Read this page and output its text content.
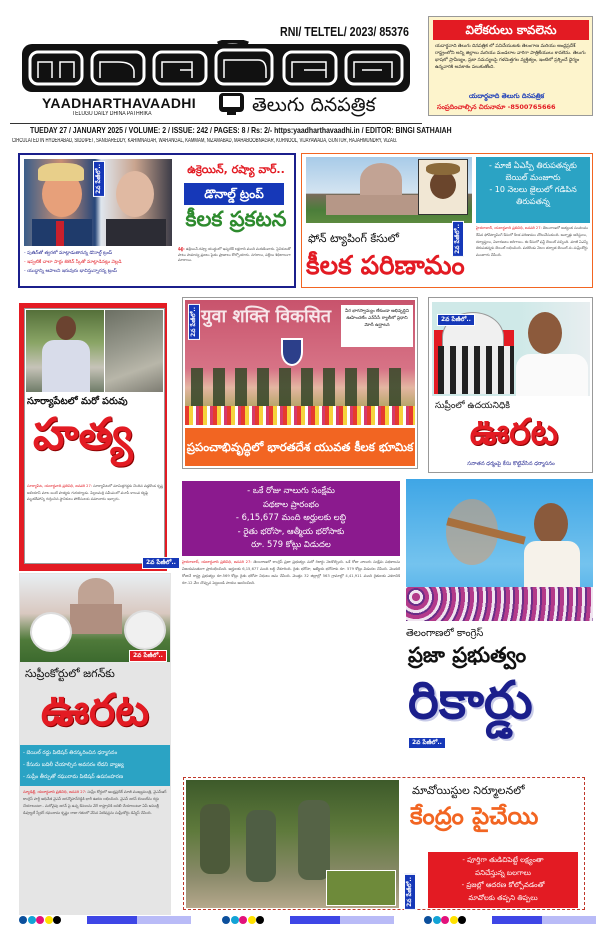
RNI/ TELTEL/ 2023/ 85376
YAADHARTHAVAADHI
TELUGU DAILY DHINA PATHRIKA	తెలుగు దినపత్రిక
TUEDAY 27 / JANUARY 2025 / VOLUME: 2 / ISSUE: 242 / PAGES: 8 / Rs: 2/- https:yaadharthavaadhi.in / EDITOR: BINGI SATHAIAH
CIRCULATED IN HYDERABAD, SIDDIPET, SANGAREDDY, KARIMNAGAR, WARANGAL, KAMMAM, NIZAMABAD, MAHABOOBNAGAR, KURNOOL, VIJAYAWADA, GUNTUR, RAJAHMUNDRY, VIZAG.
విలేకరులు కావలెను
యదార్థవాది తెలుగు దినపత్రిక లో పనిచేయుటకు తెలంగాణ మరియు ఆంధ్రప్రదేశ్ రాష్ట్రంలోని అన్ని జిల్లాలు మరియు మండలాల వారిగా పాత్రికేయులు కావలెను. తెలుగు భాషలో ప్రావీణ్యం, ప్రజా సమస్యలపై గళమెత్తగల వ్యక్తిత్వం, ఇంటిలో ప్రశ్నించే ధైర్యం ఉన్నవారికి అవకాశం పలుకుతోంది.
యదార్థవాది తెలుగు దినపత్రిక
సంప్రదించాల్సిన చిరునామా -8500765666
2వ పేజీలో..	ఉక్రెయిన్, రష్యా వార్..
డొనాల్డ్ ట్రంప్
కీలక ప్రకటన
- పుతిన్‌తో త్వరలో మాట్లాడుతానన్న డొనాల్డ్ ట్రంప్
- ఇప్పటికే చాలా సార్లు జెలెన్ స్కీతో మాట్లాడినట్లు వెల్లడి
- యుద్ధాన్ని ఆపాలని ఇరువురు భావిస్తున్నారన్న ట్రంప్
ఢిల్లీ: ఉక్రెయిన్-రష్యా యుద్ధంలో ఇప్పటికే లక్షలాది మంది మరణించారు. సైనికులతో పాటు సామాన్య ప్రజలు సైతం ప్రాణాలు కోల్పోయారు. నగరాలు, పల్లెలు శిథిలాలుగా మారాయి.
2వ పేజీలో..
ఫోన్ ట్యాపింగ్ కేసులో
కీలక పరిణామం
- మాజీ ఏఎస్పీ తిరుపతన్నకు బెయిల్ మంజూరు
- 10 నెలలు జైలులో గడిపిన తిరుపతన్న
హైదరాబాద్, యదార్థవాది ప్రతినిధి, జనవరి 27: తెలంగాణలో అత్యంత సంచలనం రేపిన ఫోన్‌ట్యాపింగ్ కేసులో కీలక పరిణామం చోటుచేసుకుంది. అన్నాళ్లు అరెస్టులు, దర్యాప్తులు, విచారణలు జరిగాయి. ఈ కేసులో ఫస్ట్ బెయిల్ వచ్చింది. మాజీ ఏఎస్పీ తిరుపతన్నకు బెయిల్ లభించింది. పదకొండు నెలల తర్వాత బెయిల్ ను సుప్రీంకోర్టు మంజూరు చేసింది.
సూర్యాపేటలో మరో పరువు
హత్య
సూర్యాపేట, యదార్థవాది ప్రతినిధి, జనవరి 27: సూర్యాపేటలో మామిళ్లగడ్డకు చెందిన వడ్లకొండ కృష్ణ అలియాస్ మాల బంటీ హత్యకు గురయ్యాడు. పిల్లలమర్రి సమీపంలో మూసీ కాలువ కట్టపై మృతదేహాన్ని గుర్తించిన స్థానికులు పోలీసులకు సమాచారం ఇచ్చారు.
2వ పేజీలో..
युवा शक्ति विकसित
2వ పేజీలో..	వీర భాగస్వామ్యం లేకుండా అభివృద్ధిని ఊహించలేం ఎన్‌సీసీ ర్యాలీలో ప్రధాని మోదీ ఉద్ఘాటన
ప్రపంచాభివృద్ధిలో భారతదేశ యువత కీలక భూమిక
2వ పేజీలో..
సుప్రీంలో ఉదయనిధికి
ఊరట
సనాతన ధర్మంపై కేసు కొట్టివేసిన ధర్మాసనం
- ఒకే రోజు నాలుగు సంక్షేమ
పథకాల ప్రారంభం
- 6,15,677 మంది అర్హులకు లబ్ధి
- రైతు భరోసా, ఆత్మీయ భరోసాకు
రూ. 579 కోట్లు విడుదల
హైదరాబాద్, యదార్థవాది ప్రతినిధి, జనవరి 27: తెలంగాణలో కాంగ్రెస్ ప్రజా ప్రభుత్వం మరో రికార్డు నెలకొల్పింది. ఒకే రోజు నాలుగు సంక్షేమ పథకాలను విజయవంతంగా ప్రారంభించింది. అర్హులకు 6,15,677 మంది లబ్ధి చేకూరింది. రైతు భరోసా, ఆత్మీయ భరోసాకు రూ. 579 కోట్లు విడుదల చేసింది. మొదటి రోజునే రాష్ట్ర ప్రభుత్వం రూ.569 కోట్లు రైతు భరోసా నిధులు జమ చేసింది. మొత్తం 32 జిల్లాల్లో 563 గ్రామాల్లో 4,41,911 మంది రైతులకు ఎకరానికి రూ.12 వేల చొప్పున పెట్టుబడి సాయం అందించింది.
తెలంగాణలో కాంగ్రెస్
ప్రజా ప్రభుత్వం
రికార్డు
2వ పేజీలో..
2వ పేజీలో..
సుప్రీంకోర్టులో జగన్‌కు
ఊరట
- బెయిల్ రద్దు పిటిషన్ తిరస్కరించిన ధర్మాసనం
- కేసును బదిలీ చేయాల్సిన అవసరం లేదని వ్యాఖ్య
- సుప్రీం తీర్పుతో రఘురామ పిటిషన్ ఉపసంహరణ
న్యూఢిల్లీ, యదార్థవాది ప్రతినిధి, జనవరి 27: సుప్రీం కోర్టులో ఆంధ్రప్రదేశ్ మాజీ ముఖ్యమంత్రి, వైఎస్ఆర్ కాంగ్రెస్ పార్టీ అధినేత వైఎస్ జగన్మోహన్‌రెడ్డికి భారీ ఊరట లభించింది. వైఎస్ జగన్ బెయిల్‌ను రద్దు చేయాలంటూ.. మరోవైపు జగన్ పై ఉన్న కేసులను వేరే రాష్ట్రానికి బదిలీ చేయాలంటూ ఏపీ అసెంబ్లీ డిప్యూటీ స్పీకర్ రఘురామ కృష్ణం రాజు గతంలో వేసిన పిటిషన్లను సుప్రీంకోర్టు డిస్మిస్ చేసింది.
2వ పేజీలో..
మావోయిస్టుల నిర్మూలనలో
కేంద్రం పైచేయి
- పూర్తిగా తుడిచిపెట్టే లక్ష్యంతా
పనిచేస్తున్న బలగాలు
- ప్రజల్లో ఆదరణ కోల్పోవడంతో
మావోలకు తప్పని తిప్పలు
